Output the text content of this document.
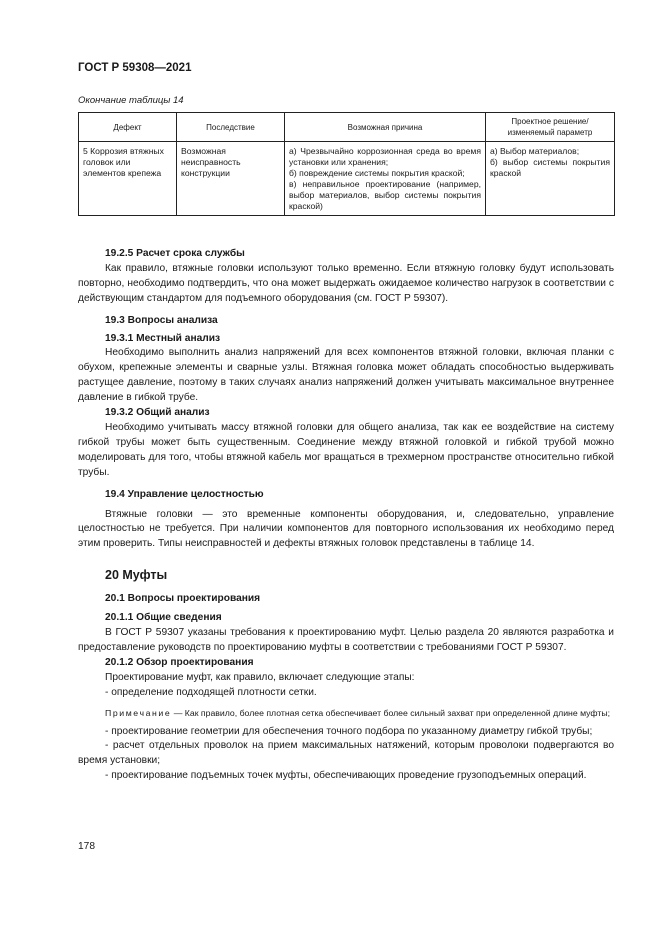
ГОСТ Р 59308—2021
Окончание таблицы 14
Дефект	Последствие	Возможная причина	Проектное решение/
изменяемый параметр
5 Коррозия втяжных головок или элементов крепежа	Возможная неисправность конструкции	а) Чрезвычайно коррозионная среда во время установки или хранения;
б) повреждение системы покрытия краской;
в) неправильное проектирование (например, выбор материалов, выбор системы покрытия краской)	а) Выбор материалов;
б) выбор системы покрытия краской
19.2.5 Расчет срока службы

Как правило, втяжные головки используют только временно. Если втяжную головку будут использовать повторно, необходимо подтвердить, что она может выдержать ожидаемое количество нагрузок в соответствии с действующим стандартом для подъемного оборудования (см. ГОСТ Р 59307).

19.3 Вопросы анализа
19.3.1 Местный анализ

Необходимо выполнить анализ напряжений для всех компонентов втяжной головки, включая планки с обухом, крепежные элементы и сварные узлы. Втяжная головка может обладать способностью выдерживать растущее давление, поэтому в таких случаях анализ напряжений должен учитывать максимальное внутреннее давление в гибкой трубе.

19.3.2 Общий анализ

Необходимо учитывать массу втяжной головки для общего анализа, так как ее воздействие на систему гибкой трубы может быть существенным. Соединение между втяжной головкой и гибкой трубой можно моделировать для того, чтобы втяжной кабель мог вращаться в трехмерном пространстве относительно гибкой трубы.

19.4 Управление целостностью

Втяжные головки — это временные компоненты оборудования, и, следовательно, управление целостностью не требуется. При наличии компонентов для повторного использования их необходимо перед этим проверить. Типы неисправностей и дефекты втяжных головок представлены в таблице 14.

20 Муфты
20.1 Вопросы проектирования
20.1.1 Общие сведения

В ГОСТ Р 59307 указаны требования к проектированию муфт. Целью раздела 20 являются разработка и предоставление руководств по проектированию муфты в соответствии с требованиями ГОСТ Р 59307.

20.1.2 Обзор проектирования

Проектирование муфт, как правило, включает следующие этапы:

- определение подходящей плотности сетки.

Примечание — Как правило, более плотная сетка обеспечивает более сильный захват при определенной длине муфты;

- проектирование геометрии для обеспечения точного подбора по указанному диаметру гибкой трубы;

- расчет отдельных проволок на прием максимальных натяжений, которым проволоки подвергаются во время установки;

- проектирование подъемных точек муфты, обеспечивающих проведение грузоподъемных операций.

178
